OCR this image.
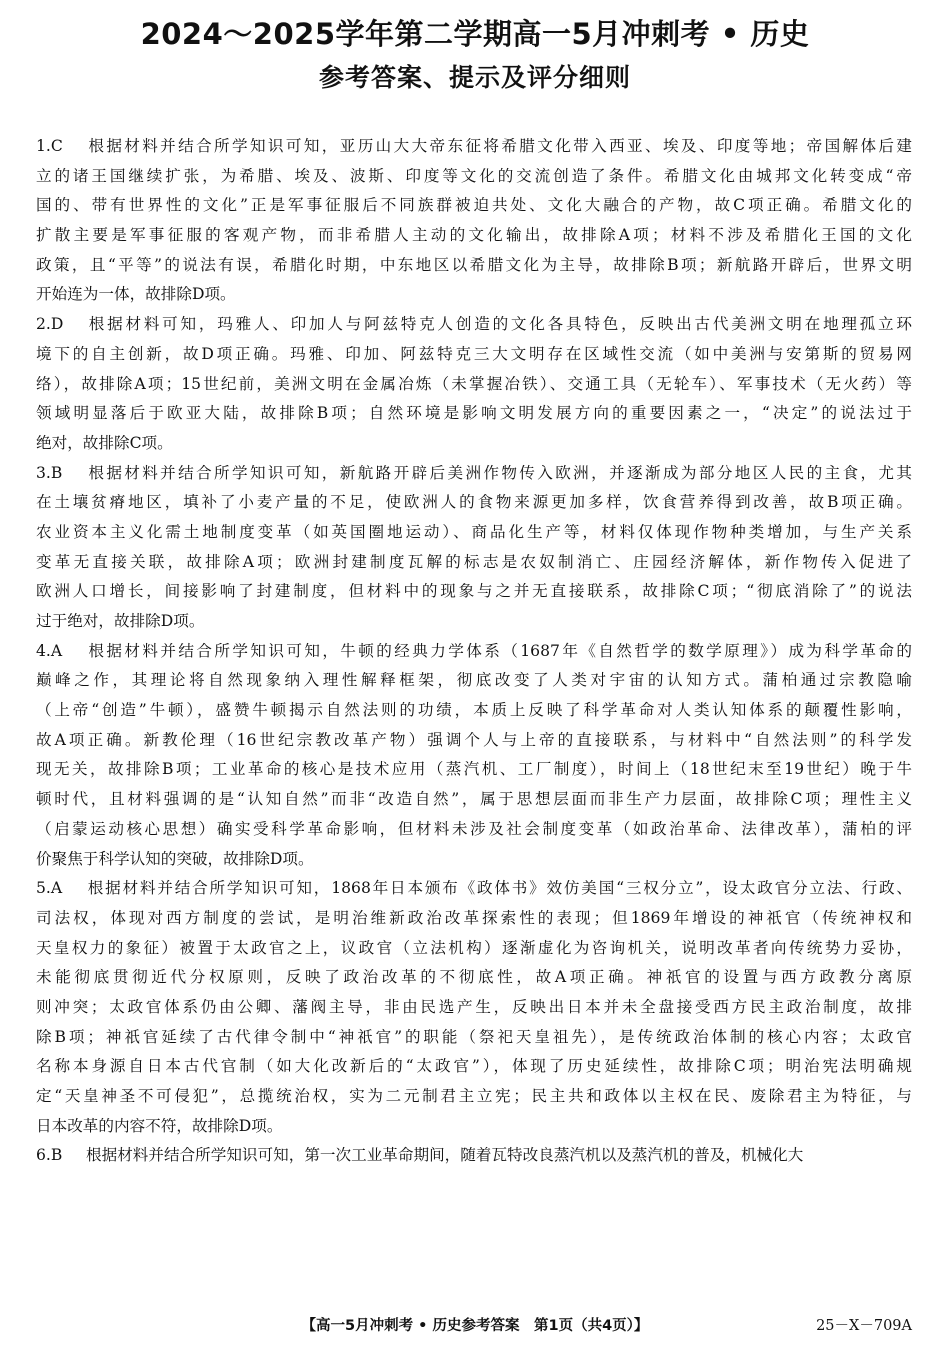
2024～2025学年第二学期高一5月冲刺考 • 历史
参考答案、提示及评分细则
1.C 根据材料并结合所学知识可知，亚历山大大帝东征将希腊文化带入西亚、埃及、印度等地；帝国解体后建
立的诸王国继续扩张，为希腊、埃及、波斯、印度等文化的交流创造了条件。希腊文化由城邦文化转变成“帝
国的、带有世界性的文化”正是军事征服后不同族群被迫共处、文化大融合的产物，故C项正确。希腊文化的
扩散主要是军事征服的客观产物，而非希腊人主动的文化输出，故排除A项；材料不涉及希腊化王国的文化
政策，且“平等”的说法有误，希腊化时期，中东地区以希腊文化为主导，故排除B项；新航路开辟后，世界文明
开始连为一体，故排除D项。
2.D 根据材料可知，玛雅人、印加人与阿兹特克人创造的文化各具特色，反映出古代美洲文明在地理孤立环
境下的自主创新，故D项正确。玛雅、印加、阿兹特克三大文明存在区域性交流（如中美洲与安第斯的贸易网
络），故排除A项；15世纪前，美洲文明在金属冶炼（未掌握冶铁）、交通工具（无轮车）、军事技术（无火药）等
领域明显落后于欧亚大陆，故排除B项；自然环境是影响文明发展方向的重要因素之一，“决定”的说法过于
绝对，故排除C项。
3.B 根据材料并结合所学知识可知，新航路开辟后美洲作物传入欧洲，并逐渐成为部分地区人民的主食，尤其
在土壤贫瘠地区，填补了小麦产量的不足，使欧洲人的食物来源更加多样，饮食营养得到改善，故B项正确。
农业资本主义化需土地制度变革（如英国圈地运动）、商品化生产等，材料仅体现作物种类增加，与生产关系
变革无直接关联，故排除A项；欧洲封建制度瓦解的标志是农奴制消亡、庄园经济解体，新作物传入促进了
欧洲人口增长，间接影响了封建制度，但材料中的现象与之并无直接联系，故排除C项；“彻底消除了”的说法
过于绝对，故排除D项。
4.A 根据材料并结合所学知识可知，牛顿的经典力学体系（1687年《自然哲学的数学原理》）成为科学革命的
巅峰之作，其理论将自然现象纳入理性解释框架，彻底改变了人类对宇宙的认知方式。蒲柏通过宗教隐喻
（上帝“创造”牛顿），盛赞牛顿揭示自然法则的功绩，本质上反映了科学革命对人类认知体系的颠覆性影响，
故A项正确。新教伦理（16世纪宗教改革产物）强调个人与上帝的直接联系，与材料中“自然法则”的科学发
现无关，故排除B项；工业革命的核心是技术应用（蒸汽机、工厂制度），时间上（18世纪末至19世纪）晚于牛
顿时代，且材料强调的是“认知自然”而非“改造自然”，属于思想层面而非生产力层面，故排除C项；理性主义
（启蒙运动核心思想）确实受科学革命影响，但材料未涉及社会制度变革（如政治革命、法律改革），蒲柏的评
价聚焦于科学认知的突破，故排除D项。
5.A 根据材料并结合所学知识可知，1868年日本颁布《政体书》效仿美国“三权分立”，设太政官分立法、行政、
司法权，体现对西方制度的尝试，是明治维新政治改革探索性的表现；但1869年增设的神祇官（传统神权和
天皇权力的象征）被置于太政官之上，议政官（立法机构）逐渐虚化为咨询机关，说明改革者向传统势力妥协，
未能彻底贯彻近代分权原则，反映了政治改革的不彻底性，故A项正确。神祇官的设置与西方政教分离原
则冲突；太政官体系仍由公卿、藩阀主导，非由民选产生，反映出日本并未全盘接受西方民主政治制度，故排
除B项；神祇官延续了古代律令制中“神祇官”的职能（祭祀天皇祖先），是传统政治体制的核心内容；太政官
名称本身源自日本古代官制（如大化改新后的“太政官”），体现了历史延续性，故排除C项；明治宪法明确规
定“天皇神圣不可侵犯”，总揽统治权，实为二元制君主立宪；民主共和政体以主权在民、废除君主为特征，与
日本改革的内容不符，故排除D项。
6.B 根据材料并结合所学知识可知，第一次工业革命期间，随着瓦特改良蒸汽机以及蒸汽机的普及，机械化大
【高一5月冲刺考 • 历史参考答案　第1页（共4页）】	25－X－709A
